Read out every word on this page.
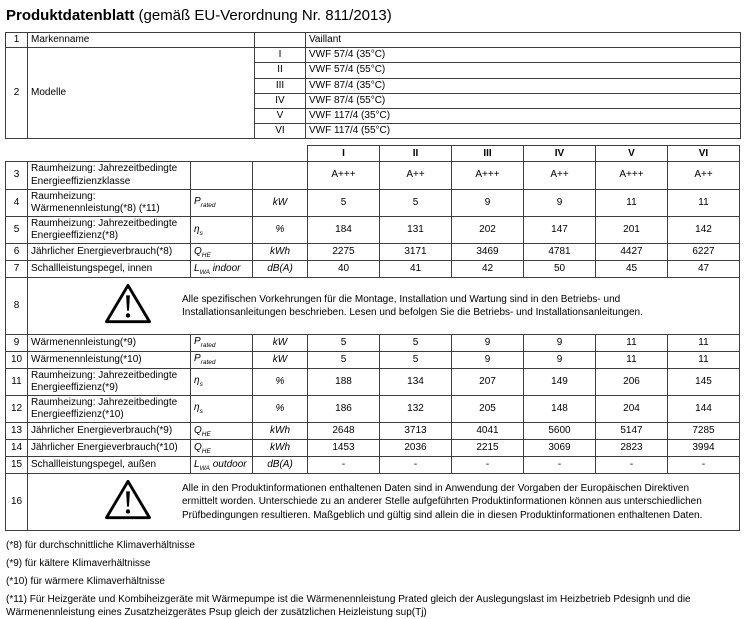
Produktdatenblatt (gemäß EU-Verordnung Nr. 811/2013)
1	Markenname		Vaillant
2	Modelle	I	VWF 57/4 (35°C)
		II	VWF 57/4 (55°C)
		III	VWF 87/4 (35°C)
		IV	VWF 87/4 (55°C)
		V	VWF 117/4 (35°C)
		VI	VWF 117/4 (55°C)
				I	II	III	IV	V	VI
3	Raumheizung: Jahrezeitbedingte Energieeffizienzklasse			A+++	A++	A+++	A++	A+++	A++
4	Raumheizung: Wärmenennleistung(*8) (*11)	$P_{rated}$	kW	5	5	9	9	11	11
5	Raumheizung: Jahrezeitbedingte Energieeffizienz(*8)	$\eta_s$	%	184	131	202	147	201	142
6	Jährlicher Energieverbrauch(*8)	$Q_{HE}$	kWh	2275	3171	3469	4781	4427	6227
7	Schallleistungspegel, innen	$L_{WA}$ indoor	dB(A)	40	41	42	50	45	47
8	Alle spezifischen Vorkehrungen für die Montage, Installation und Wartung sind in den Betriebs- und Installationsanleitungen beschrieben. Lesen und befolgen Sie die Betriebs- und Installationsanleitungen.								

9	Wärmenennleistung(*9)	$P_{rated}$	kW	5	5	9	9	11	11
10	Wärmenennleistung(*10)	$P_{rated}$	kW	5	5	9	9	11	11
11	Raumheizung: Jahrezeitbedingte Energieeffizienz(*9)	$\eta_s$	%	188	134	207	149	206	145
12	Raumheizung: Jahrezeitbedingte Energieeffizienz(*10)	$\eta_s$	%	186	132	205	148	204	144
13	Jährlicher Energieverbrauch(*9)	$Q_{HE}$	kWh	2648	3713	4041	5600	5147	7285
14	Jährlicher Energieverbrauch(*10)	$Q_{HE}$	kWh	1453	2036	2215	3069	2823	3994
15	Schallleistungspegel, außen	$L_{WA}$ outdoor	dB(A)	-	-	-	-	-	-
16	Alle in den Produktinformationen enthaltenen Daten sind in Anwendung der Vorgaben der Europäischen Direktiven ermittelt worden. Unterschiede zu an anderer Stelle aufgeführten Produktinformationen können aus unterschiedlichen Prüfbedingungen resultieren. Maßgeblich und gültig sind allein die in diesen Produktinformationen enthaltenen Daten.								

(*8) für durchschnittliche Klimaverhältnisse

(*9) für kältere Klimaverhältnisse

(*10) für wärmere Klimaverhältnisse

(*11) Für Heizgeräte und Kombiheizgeräte mit Wärmepumpe ist die Wärmenennleistung Prated gleich der Auslegungslast im Heizbetrieb Pdesignh und die Wärmenennleistung eines Zusatzheizgerätes Psup gleich der zusätzlichen Heizleistung sup(Tj)
